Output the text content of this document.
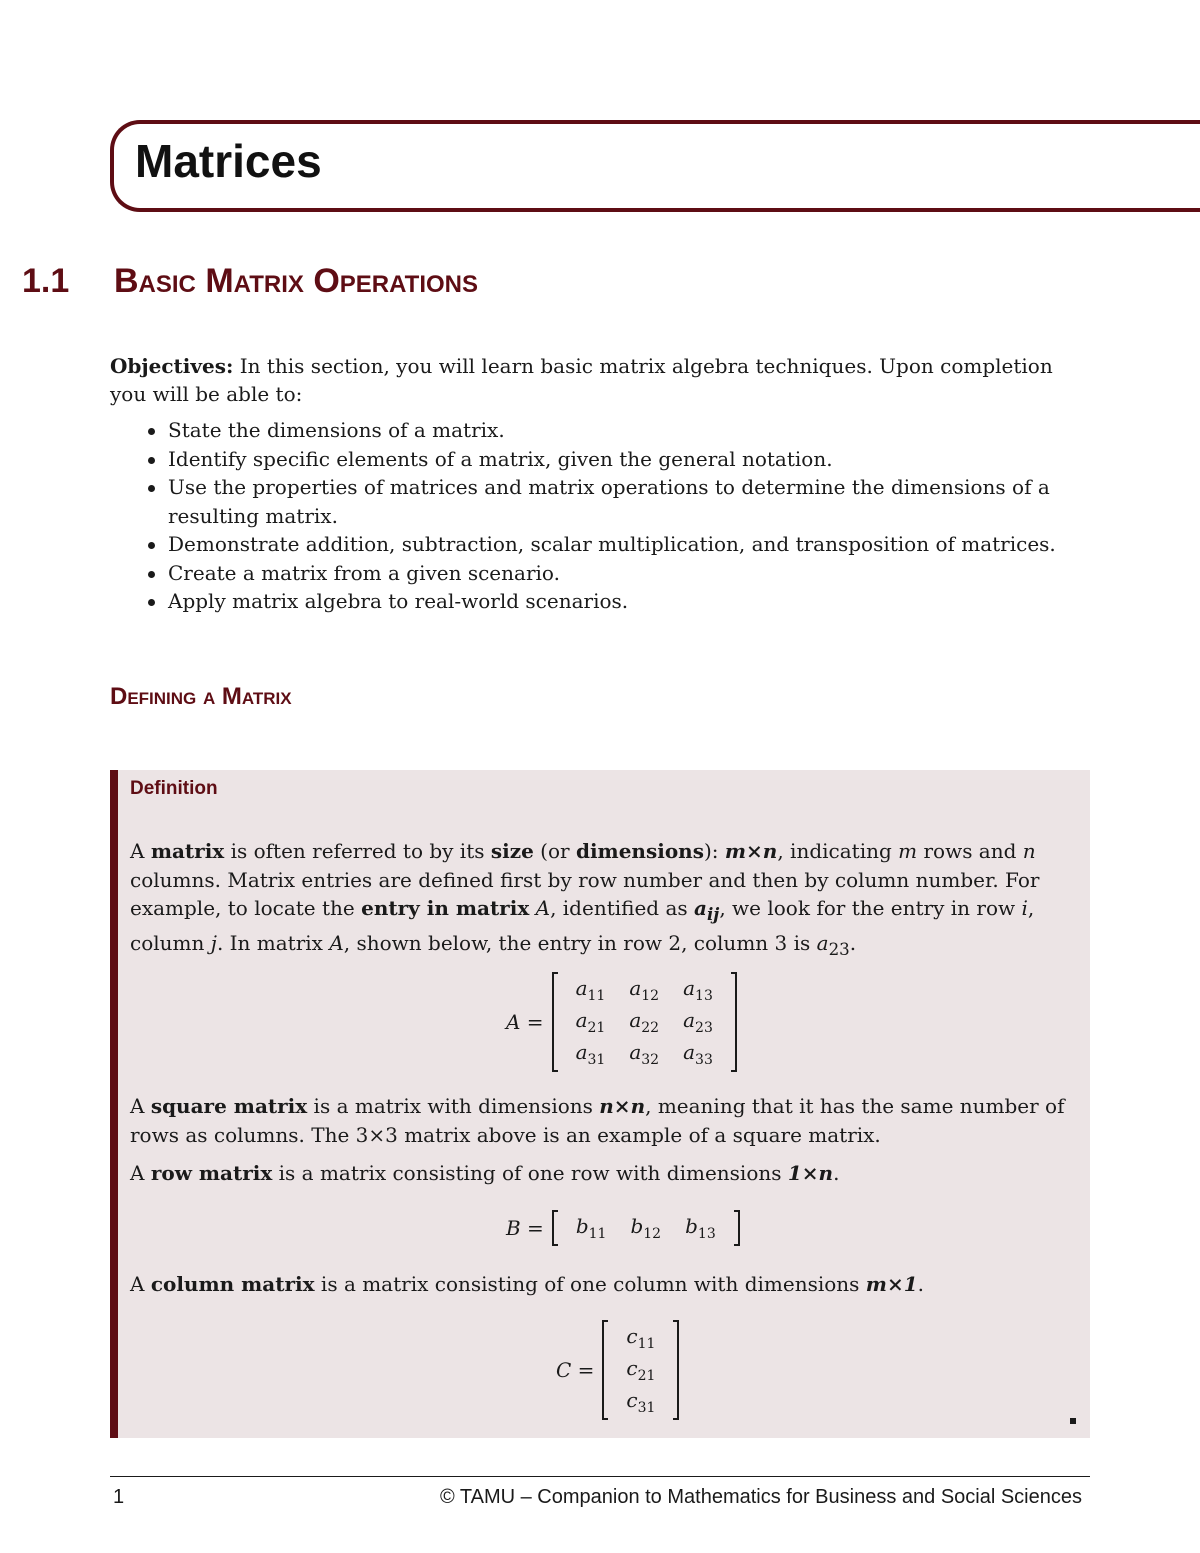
Matrices
1.1 Basic Matrix Operations

Objectives: In this section, you will learn basic matrix algebra techniques. Upon completion you will be able to:

State the dimensions of a matrix.
Identify specific elements of a matrix, given the general notation.
Use the properties of matrices and matrix operations to determine the dimensions of a resulting matrix.
Demonstrate addition, subtraction, scalar multiplication, and transposition of matrices.
Create a matrix from a given scenario.
Apply matrix algebra to real-world scenarios.
Defining a Matrix
Definition

A matrix is often referred to by its size (or dimensions): m×n, indicating m rows and n columns. Matrix entries are defined first by row number and then by column number. For example, to locate the entry in matrix A, identified as $a_{ij}$, we look for the entry in row i, column j. In matrix A, shown below, the entry in row 2, column 3 is $a_{23}$.

A =
$a_{11}$	$a_{12}$	$a_{13}$
$a_{21}$	$a_{22}$	$a_{23}$
$a_{31}$	$a_{32}$	$a_{33}$

A square matrix is a matrix with dimensions n×n, meaning that it has the same number of rows as columns. The 3×3 matrix above is an example of a square matrix.

A row matrix is a matrix consisting of one row with dimensions 1×n.

$B = b_{11}$	$b_{12}$	$b_{13}$

A column matrix is a matrix consisting of one column with dimensions m×1.

C =
$c_{11}$
$c_{21}$
$c_{31}$
1	© TAMU – Companion to Mathematics for Business and Social Sciences
